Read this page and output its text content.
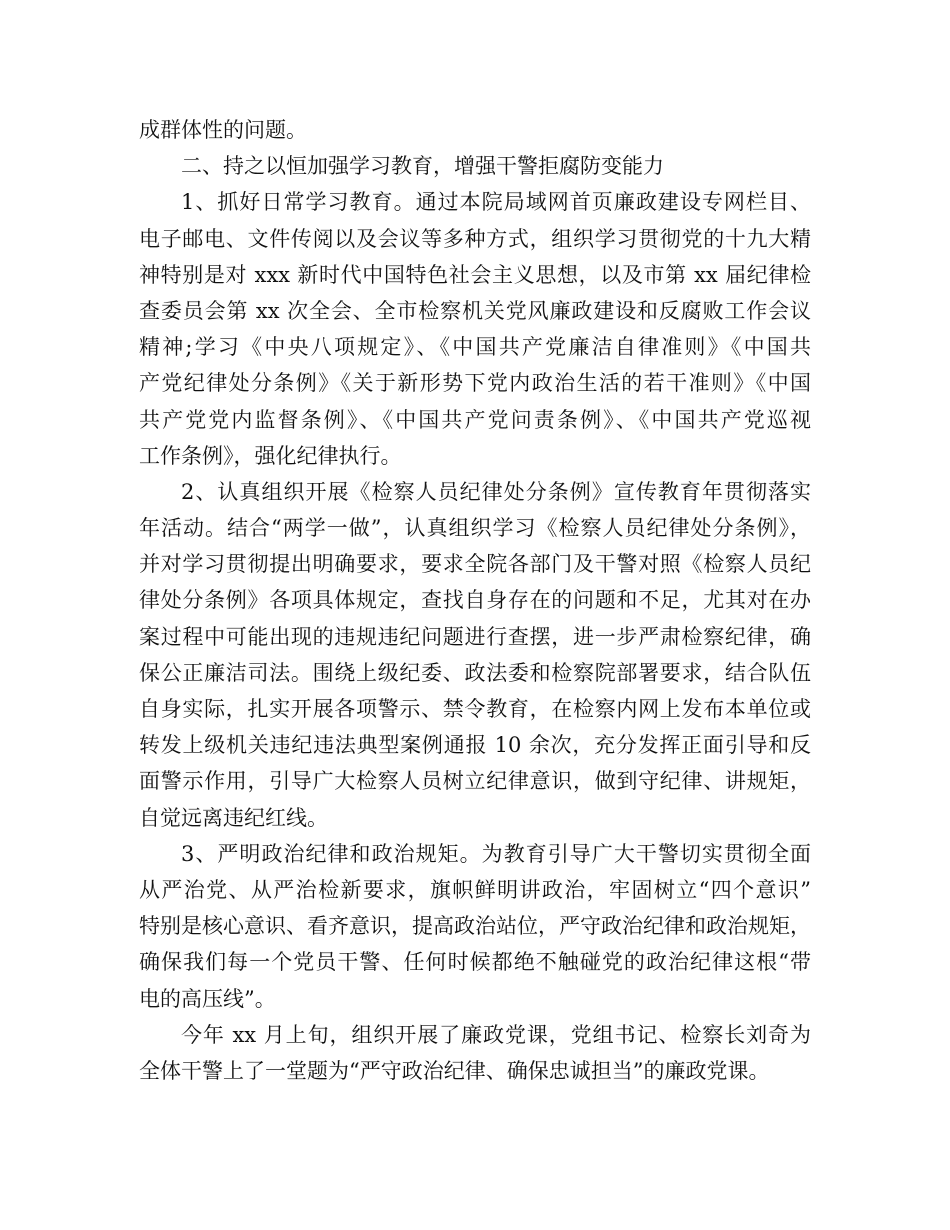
成群体性的问题。
二、持之以恒加强学习教育，增强干警拒腐防变能力
1、抓好日常学习教育。通过本院局域网首页廉政建设专网栏目、
电子邮电、文件传阅以及会议等多种方式，组织学习贯彻党的十九大精
神特别是对 xxx 新时代中国特色社会主义思想，以及市第 xx 届纪律检
查委员会第 xx 次全会、全市检察机关党风廉政建设和反腐败工作会议
精神;学习《中央八项规定》、《中国共产党廉洁自律准则》《中国共
产党纪律处分条例》《关于新形势下党内政治生活的若干准则》《中国
共产党党内监督条例》、《中国共产党问责条例》、《中国共产党巡视
工作条例》，强化纪律执行。
2、认真组织开展《检察人员纪律处分条例》宣传教育年贯彻落实
年活动。结合“两学一做”，认真组织学习《检察人员纪律处分条例》，
并对学习贯彻提出明确要求，要求全院各部门及干警对照《检察人员纪
律处分条例》各项具体规定，查找自身存在的问题和不足，尤其对在办
案过程中可能出现的违规违纪问题进行查摆，进一步严肃检察纪律，确
保公正廉洁司法。围绕上级纪委、政法委和检察院部署要求，结合队伍
自身实际，扎实开展各项警示、禁令教育，在检察内网上发布本单位或
转发上级机关违纪违法典型案例通报 10 余次，充分发挥正面引导和反
面警示作用，引导广大检察人员树立纪律意识，做到守纪律、讲规矩，
自觉远离违纪红线。
3、严明政治纪律和政治规矩。为教育引导广大干警切实贯彻全面
从严治党、从严治检新要求，旗帜鲜明讲政治，牢固树立“四个意识”
特别是核心意识、看齐意识，提高政治站位，严守政治纪律和政治规矩，
确保我们每一个党员干警、任何时候都绝不触碰党的政治纪律这根“带
电的高压线”。
今年 xx 月上旬，组织开展了廉政党课，党组书记、检察长刘奇为
全体干警上了一堂题为“严守政治纪律、确保忠诚担当”的廉政党课。
